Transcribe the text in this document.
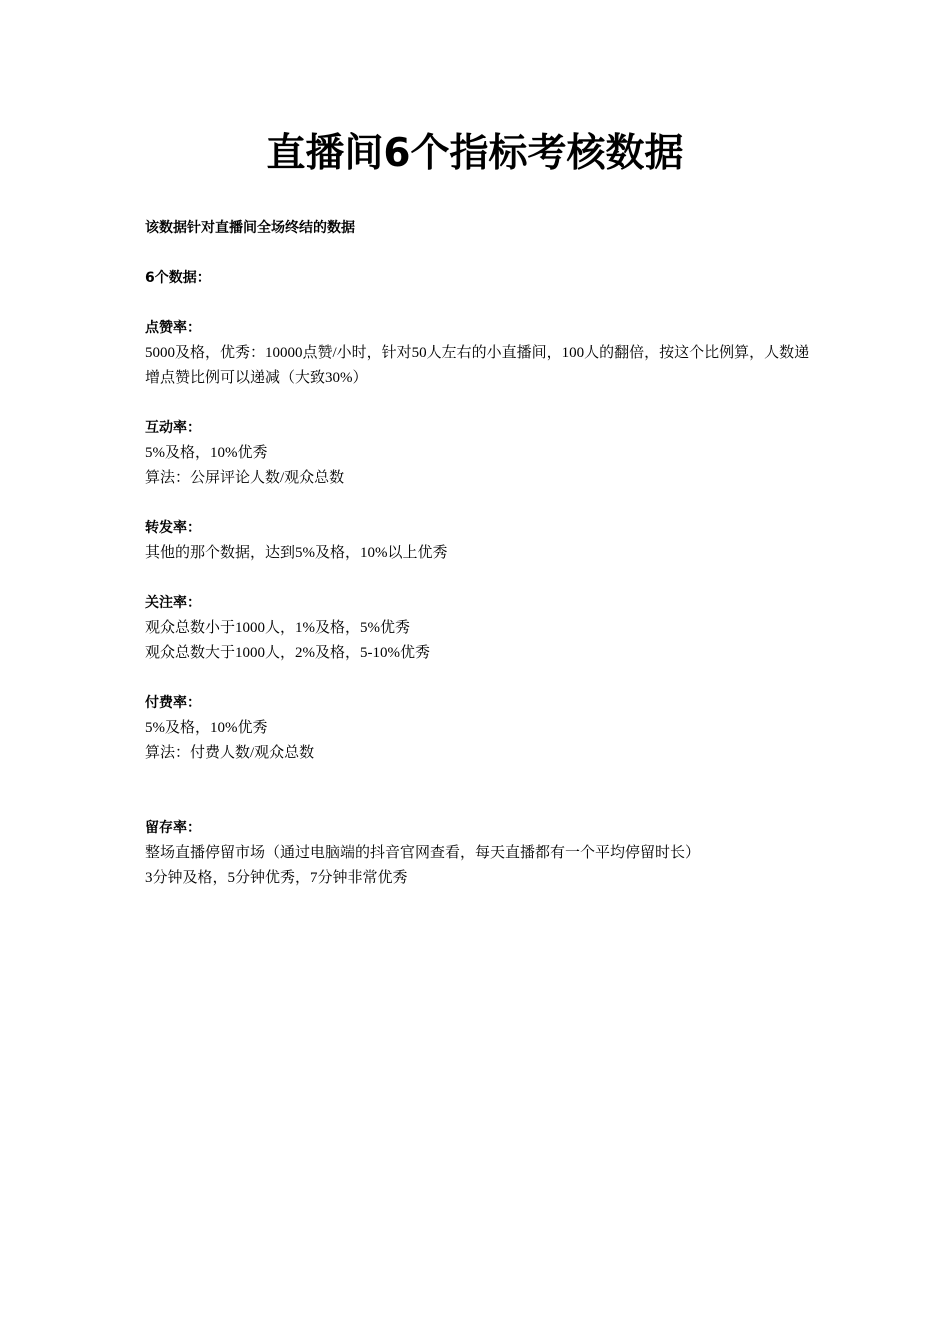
直播间6个指标考核数据
该数据针对直播间全场终结的数据
6个数据：
点赞率：
5000及格，优秀：10000点赞/小时，针对50人左右的小直播间，100人的翻倍，按这个比例算，人数递增点赞比例可以递减（大致30%）
互动率：
5%及格，10%优秀
算法：公屏评论人数/观众总数
转发率：
其他的那个数据，达到5%及格，10%以上优秀
关注率：
观众总数小于1000人，1%及格，5%优秀
观众总数大于1000人，2%及格，5-10%优秀
付费率：
5%及格，10%优秀
算法：付费人数/观众总数
留存率：
整场直播停留市场（通过电脑端的抖音官网查看，每天直播都有一个平均停留时长）
3分钟及格，5分钟优秀，7分钟非常优秀
